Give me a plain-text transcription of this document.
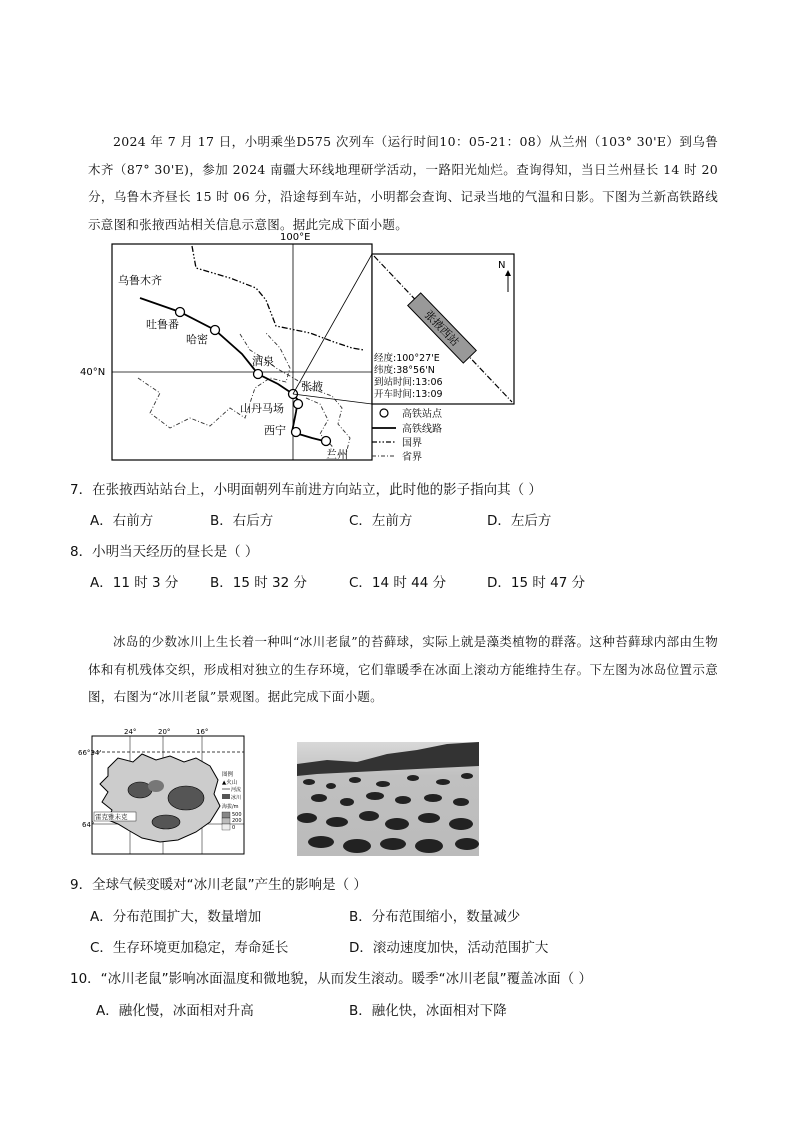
2024 年 7 月 17 日，小明乘坐D575 次列车（运行时间10：05-21：08）从兰州（103° 30'E）到乌鲁木齐（87° 30'E)，参加 2024 南疆大环线地理研学活动，一路阳光灿烂。查询得知，当日兰州昼长 14 时 20 分，乌鲁木齐昼长 15 时 06 分，沿途每到车站，小明都会查询、记录当地的气温和日影。下图为兰新高铁路线示意图和张掖西站相关信息示意图。据此完成下面小题。
100°E
40°N
乌鲁木齐
吐鲁番
哈密
酒泉
张掖
山丹马场
西宁
兰州
张掖西站
N
经度:100°27'E
纬度:38°56'N
到站时间:13:06
开车时间:13:09
高铁站点
高铁线路
国界
省界
7．在张掖西站站台上，小明面朝列车前进方向站立，此时他的影子指向其（ ）
A．右前方	B．右后方	C．左前方	D．左后方
8．小明当天经历的昼长是（ ）
A．11 时 3 分 B．15 时 32 分	C．14 时 44 分	D．15 时 47 分
冰岛的少数冰川上生长着一种叫“冰川老鼠”的苔藓球，实际上就是藻类植物的群落。这种苔藓球内部由生物体和有机残体交织，形成相对独立的生存环境，它们靠暖季在冰面上滚动方能维持生存。下左图为冰岛位置示意图，右图为“冰川老鼠”景观图。据此完成下面小题。
24°	20°	16°
66°34'
64°
雷克雅未克
图例
▲火山
河流
冰川
海拔/m
500
200
0
9．全球气候变暖对“冰川老鼠”产生的影响是（ ）
A．分布范围扩大，数量增加	B．分布范围缩小，数量减少
C．生存环境更加稳定，寿命延长	D．滚动速度加快，活动范围扩大
10．“冰川老鼠”影响冰面温度和微地貌，从而发生滚动。暖季“冰川老鼠”覆盖冰面（ ）
A．融化慢，冰面相对升高	B．融化快，冰面相对下降
